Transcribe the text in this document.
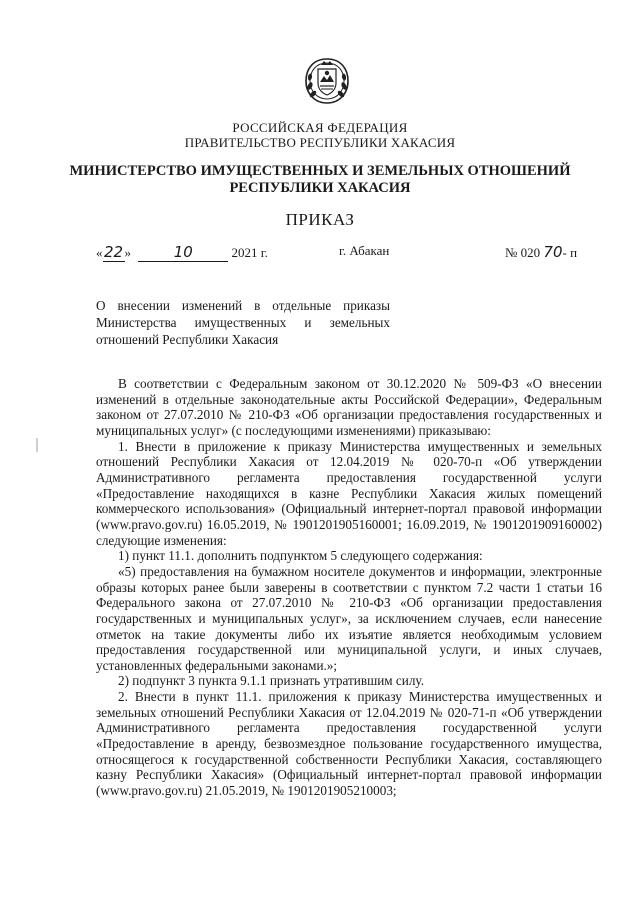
РОССИЙСКАЯ ФЕДЕРАЦИЯ
ПРАВИТЕЛЬСТВО РЕСПУБЛИКИ ХАКАСИЯ
МИНИСТЕРСТВО ИМУЩЕСТВЕННЫХ И ЗЕМЕЛЬНЫХ ОТНОШЕНИЙ
РЕСПУБЛИКИ ХАКАСИЯ
ПРИКАЗ
«22»	10	2021 г.	г. Абакан	№ 020 70- п
О внесении изменений в отдельные приказы
Министерства имущественных и земельных
отношений Республики Хакасия

В соответствии с Федеральным законом от 30.12.2020 № 509-ФЗ «О внесении изменений в отдельные законодательные акты Российской Федерации», Федеральным законом от 27.07.2010 № 210-ФЗ «Об организации предоставления государственных и муниципальных услуг» (с последующими изменениями) приказываю:

1. Внести в приложение к приказу Министерства имущественных и земельных отношений Республики Хакасия от 12.04.2019 № 020-70-п «Об утверждении Административного регламента предоставления государственной услуги «Предоставление находящихся в казне Республики Хакасия жилых помещений коммерческого использования» (Официальный интернет-портал правовой информации (www.pravo.gov.ru) 16.05.2019, № 1901201905160001; 16.09.2019, № 1901201909160002) следующие изменения:

1) пункт 11.1. дополнить подпунктом 5 следующего содержания:

«5) предоставления на бумажном носителе документов и информации, электронные образы которых ранее были заверены в соответствии с пунктом 7.2 части 1 статьи 16 Федерального закона от 27.07.2010 № 210-ФЗ «Об организации предоставления государственных и муниципальных услуг», за исключением случаев, если нанесение отметок на такие документы либо их изъятие является необходимым условием предоставления государственной или муниципальной услуги, и иных случаев, установленных федеральными законами.»;

2) подпункт 3 пункта 9.1.1 признать утратившим силу.

2. Внести в пункт 11.1. приложения к приказу Министерства имущественных и земельных отношений Республики Хакасия от 12.04.2019 № 020-71-п «Об утверждении Административного регламента предоставления государственной услуги «Предоставление в аренду, безвозмездное пользование государственного имущества, относящегося к государственной собственности Республики Хакасия, составляющего казну Республики Хакасия» (Официальный интернет-портал правовой информации (www.pravo.gov.ru) 21.05.2019, № 1901201905210003;
